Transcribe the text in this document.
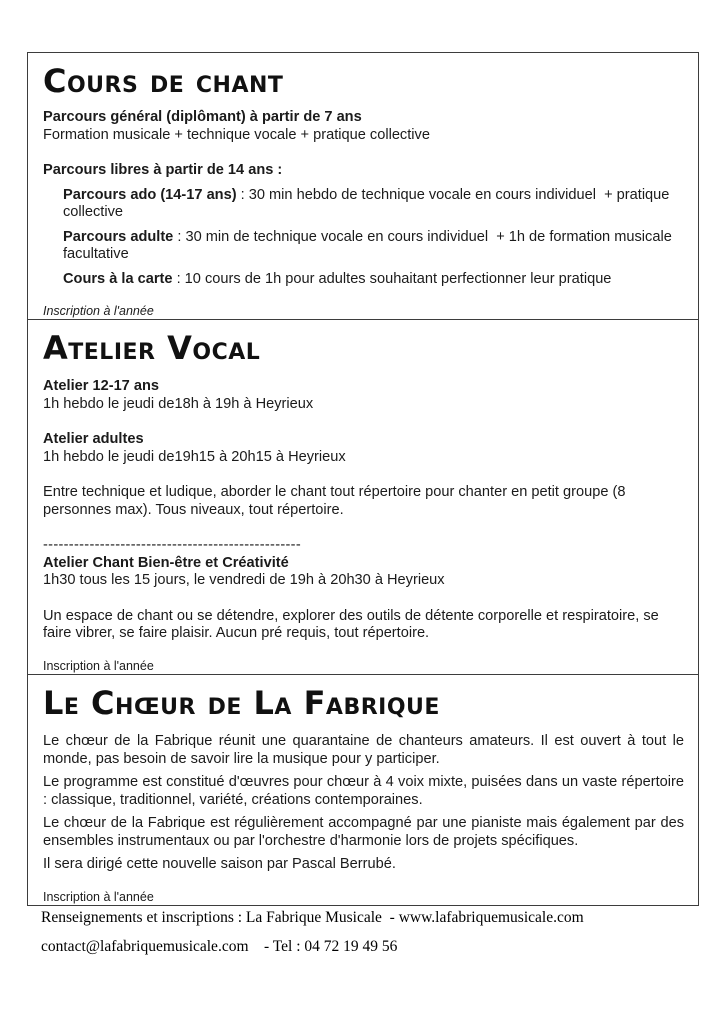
Cours de chant

Parcours général (diplômant) à partir de 7 ans

Formation musicale + technique vocale + pratique collective

Parcours libres à partir de 14 ans :

Parcours ado (14-17 ans) : 30 min hebdo de technique vocale en cours individuel  + pratique collective

Parcours adulte : 30 min de technique vocale en cours individuel  + 1h de formation musicale facultative

Cours à la carte : 10 cours de 1h pour adultes souhaitant perfectionner leur pratique

Inscription à l'année

Atelier Vocal

Atelier 12-17 ans

1h hebdo le jeudi de18h à 19h à Heyrieux

Atelier adultes

1h hebdo le jeudi de19h15 à 20h15 à Heyrieux

Entre technique et ludique, aborder le chant tout répertoire pour chanter en petit groupe (8 personnes max). Tous niveaux, tout répertoire.

--------------------------------------------------

Atelier Chant Bien-être et Créativité

1h30 tous les 15 jours, le vendredi de 19h à 20h30 à Heyrieux

Un espace de chant ou se détendre, explorer des outils de détente corporelle et respiratoire, se faire vibrer, se faire plaisir. Aucun pré requis, tout répertoire.

Inscription à l'année

Le Chœur de La Fabrique

Le chœur de la Fabrique réunit une quarantaine de chanteurs amateurs. Il est ouvert à tout le monde, pas besoin de savoir lire la musique pour y participer.

Le programme est constitué d'œuvres pour chœur à 4 voix mixte, puisées dans un vaste répertoire : classique, traditionnel, variété, créations contemporaines.

Le chœur de la Fabrique est régulièrement accompagné par une pianiste mais également par des ensembles instrumentaux ou par l'orchestre d'harmonie lors de projets spécifiques.

Il sera dirigé cette nouvelle saison par Pascal Berrubé.

Inscription à l'année

Renseignements et inscriptions : La Fabrique Musicale  - www.lafabriquemusicale.com

contact@lafabriquemusicale.com    - Tel : 04 72 19 49 56
